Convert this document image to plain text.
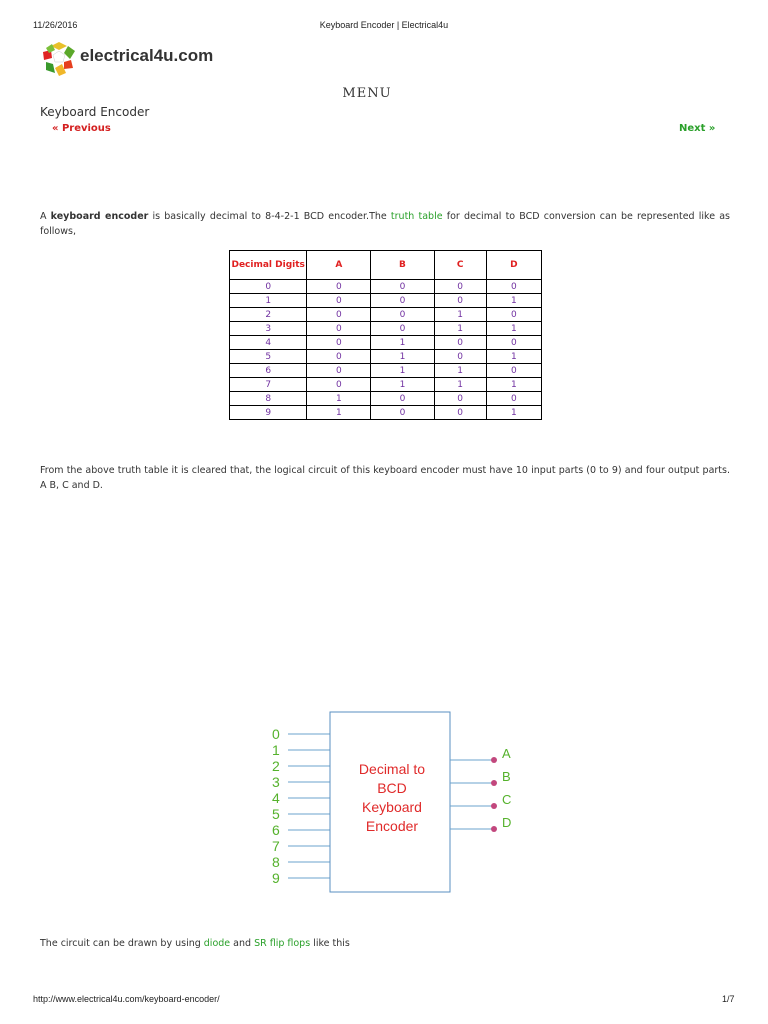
11/26/2016	Keyboard Encoder | Electrical4u
electrical4u.com
MENU
Keyboard Encoder
« Previous	Next »
A keyboard encoder is basically decimal to 8-4-2-1 BCD encoder.The truth table for decimal to BCD conversion can be represented like as follows,
Decimal Digits	A	B	C	D
0	0	0	0	0
1	0	0	0	1
2	0	0	1	0
3	0	0	1	1
4	0	1	0	0
5	0	1	0	1
6	0	1	1	0
7	0	1	1	1
8	1	0	0	0
9	1	0	0	1
From the above truth table it is cleared that, the logical circuit of this keyboard encoder must have 10 input parts (0 to 9) and four output parts. A B, C and D.
0
1
2
3
4
5
6
7
8
9
Decimal to
BCD
Keyboard
Encoder
A
B
C
D
The circuit can be drawn by using diode and SR flip flops like this
http://www.electrical4u.com/keyboard-encoder/	1/7
